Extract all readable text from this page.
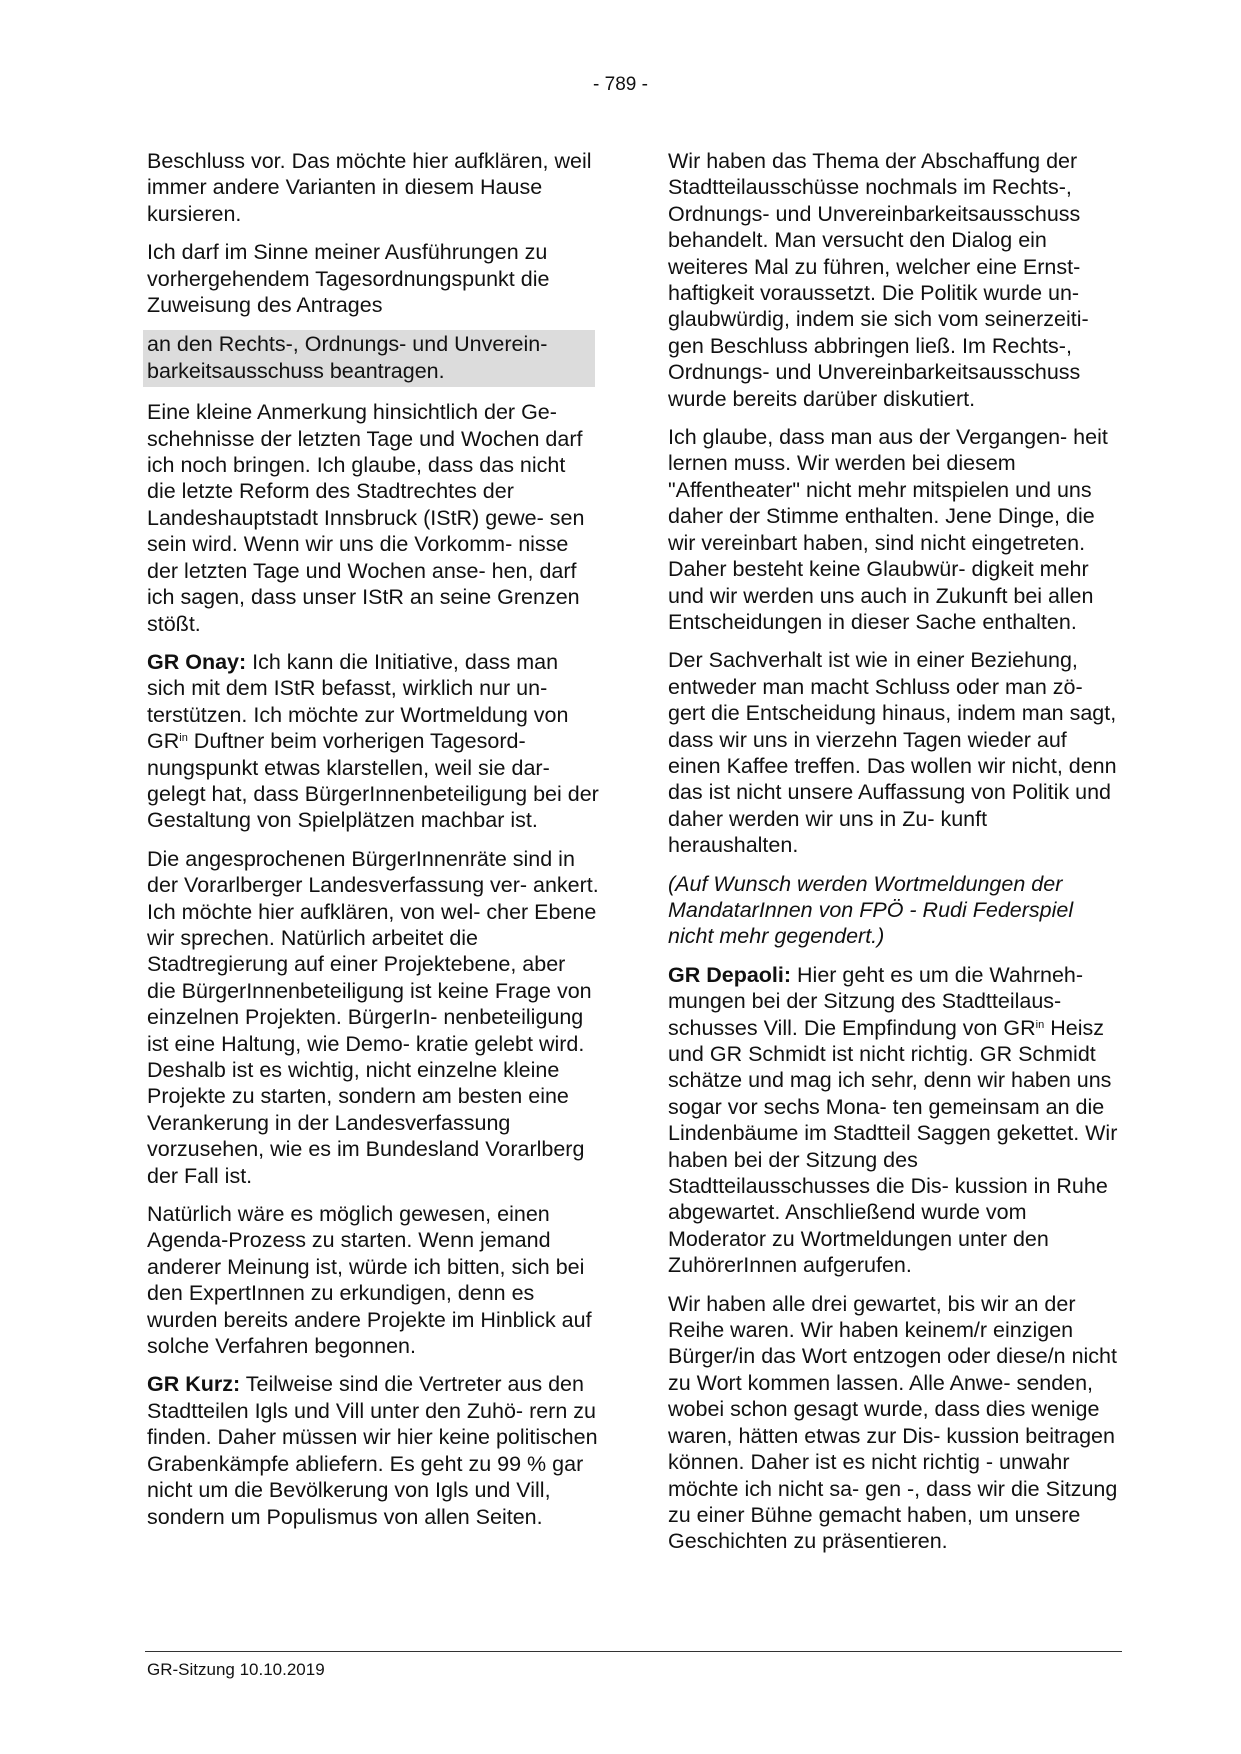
- 789 -

Beschluss vor. Das möchte hier aufklären, weil immer andere Varianten in diesem Hause kursieren.

Ich darf im Sinne meiner Ausführungen zu vorhergehendem Tagesordnungspunkt die Zuweisung des Antrages

an den Rechts-, Ordnungs- und Unverein- barkeitsausschuss beantragen.

Eine kleine Anmerkung hinsichtlich der Ge- schehnisse der letzten Tage und Wochen darf ich noch bringen. Ich glaube, dass das nicht die letzte Reform des Stadtrechtes der Landeshauptstadt Innsbruck (IStR) gewe- sen sein wird. Wenn wir uns die Vorkomm- nisse der letzten Tage und Wochen anse- hen, darf ich sagen, dass unser IStR an seine Grenzen stößt.

GR Onay: Ich kann die Initiative, dass man sich mit dem IStR befasst, wirklich nur un- terstützen. Ich möchte zur Wortmeldung von $GR^{in}$ Duftner beim vorherigen Tagesord- nungspunkt etwas klarstellen, weil sie dar- gelegt hat, dass BürgerInnenbeteiligung bei der Gestaltung von Spielplätzen machbar ist.

Die angesprochenen BürgerInnenräte sind in der Vorarlberger Landesverfassung ver- ankert. Ich möchte hier aufklären, von wel- cher Ebene wir sprechen. Natürlich arbeitet die Stadtregierung auf einer Projektebene, aber die BürgerInnenbeteiligung ist keine Frage von einzelnen Projekten. BürgerIn- nenbeteiligung ist eine Haltung, wie Demo- kratie gelebt wird. Deshalb ist es wichtig, nicht einzelne kleine Projekte zu starten, sondern am besten eine Verankerung in der Landesverfassung vorzusehen, wie es im Bundesland Vorarlberg der Fall ist.

Natürlich wäre es möglich gewesen, einen Agenda-Prozess zu starten. Wenn jemand anderer Meinung ist, würde ich bitten, sich bei den ExpertInnen zu erkundigen, denn es wurden bereits andere Projekte im Hinblick auf solche Verfahren begonnen.

GR Kurz: Teilweise sind die Vertreter aus den Stadtteilen Igls und Vill unter den Zuhö- rern zu finden. Daher müssen wir hier keine politischen Grabenkämpfe abliefern. Es geht zu 99 % gar nicht um die Bevölkerung von Igls und Vill, sondern um Populismus von allen Seiten.

Wir haben das Thema der Abschaffung der Stadtteilausschüsse nochmals im Rechts-, Ordnungs- und Unvereinbarkeitsausschuss behandelt. Man versucht den Dialog ein weiteres Mal zu führen, welcher eine Ernst- haftigkeit voraussetzt. Die Politik wurde un- glaubwürdig, indem sie sich vom seinerzeiti- gen Beschluss abbringen ließ. Im Rechts-, Ordnungs- und Unvereinbarkeitsausschuss wurde bereits darüber diskutiert.

Ich glaube, dass man aus der Vergangen- heit lernen muss. Wir werden bei diesem "Affentheater" nicht mehr mitspielen und uns daher der Stimme enthalten. Jene Dinge, die wir vereinbart haben, sind nicht eingetreten. Daher besteht keine Glaubwür- digkeit mehr und wir werden uns auch in Zukunft bei allen Entscheidungen in dieser Sache enthalten.

Der Sachverhalt ist wie in einer Beziehung, entweder man macht Schluss oder man zö- gert die Entscheidung hinaus, indem man sagt, dass wir uns in vierzehn Tagen wieder auf einen Kaffee treffen. Das wollen wir nicht, denn das ist nicht unsere Auffassung von Politik und daher werden wir uns in Zu- kunft heraushalten.

(Auf Wunsch werden Wortmeldungen der MandatarInnen von FPÖ - Rudi Federspiel nicht mehr gegendert.)

GR Depaoli: Hier geht es um die Wahrneh- mungen bei der Sitzung des Stadtteilaus- schusses Vill. Die Empfindung von $GR^{in}$ Heisz und GR Schmidt ist nicht richtig. GR Schmidt schätze und mag ich sehr, denn wir haben uns sogar vor sechs Mona- ten gemeinsam an die Lindenbäume im Stadtteil Saggen gekettet. Wir haben bei der Sitzung des Stadtteilausschusses die Dis- kussion in Ruhe abgewartet. Anschließend wurde vom Moderator zu Wortmeldungen unter den ZuhörerInnen aufgerufen.

Wir haben alle drei gewartet, bis wir an der Reihe waren. Wir haben keinem/r einzigen Bürger/in das Wort entzogen oder diese/n nicht zu Wort kommen lassen. Alle Anwe- senden, wobei schon gesagt wurde, dass dies wenige waren, hätten etwas zur Dis- kussion beitragen können. Daher ist es nicht richtig - unwahr möchte ich nicht sa- gen -, dass wir die Sitzung zu einer Bühne gemacht haben, um unsere Geschichten zu präsentieren.

GR-Sitzung 10.10.2019
